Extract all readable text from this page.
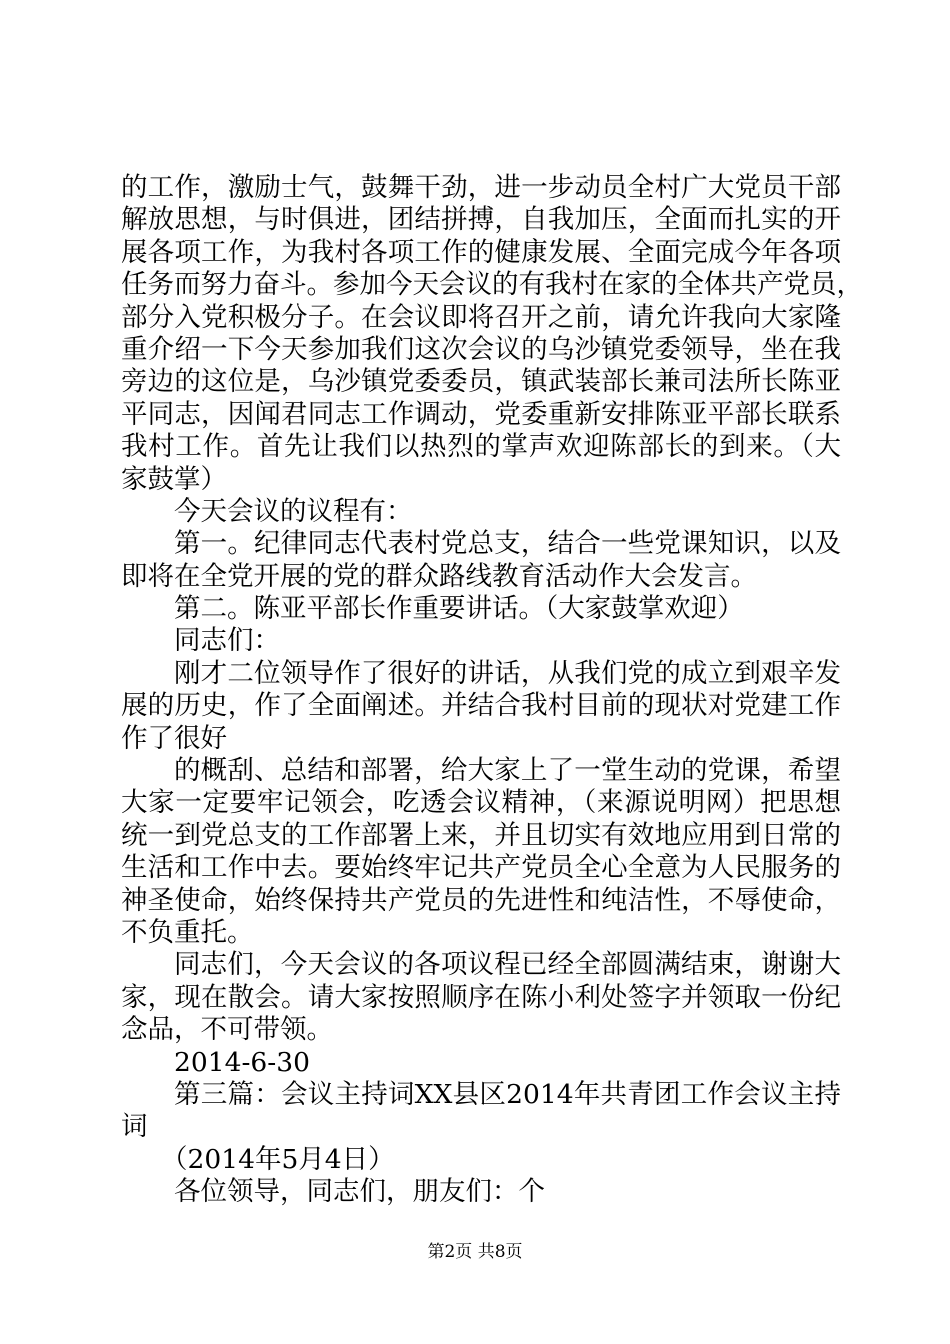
的工作，激励士气，鼓舞干劲，进一步动员全村广大党员干部
解放思想，与时俱进，团结拼搏，自我加压，全面而扎实的开
展各项工作，为我村各项工作的健康发展、全面完成今年各项
任务而努力奋斗。参加今天会议的有我村在家的全体共产党员，
部分入党积极分子。在会议即将召开之前，请允许我向大家隆
重介绍一下今天参加我们这次会议的乌沙镇党委领导，坐在我
旁边的这位是，乌沙镇党委委员，镇武装部长兼司法所长陈亚
平同志，因闻君同志工作调动，党委重新安排陈亚平部长联系
我村工作。首先让我们以热烈的掌声欢迎陈部长的到来。（大
家鼓掌）
今天会议的议程有：
第一。纪律同志代表村党总支，结合一些党课知识，以及
即将在全党开展的党的群众路线教育活动作大会发言。
第二。陈亚平部长作重要讲话。（大家鼓掌欢迎）
同志们：
刚才二位领导作了很好的讲话，从我们党的成立到艰辛发
展的历史，作了全面阐述。并结合我村目前的现状对党建工作
作了很好
的概刮、总结和部署，给大家上了一堂生动的党课，希望
大家一定要牢记领会，吃透会议精神，（来源说明网）把思想
统一到党总支的工作部署上来，并且切实有效地应用到日常的
生活和工作中去。要始终牢记共产党员全心全意为人民服务的
神圣使命，始终保持共产党员的先进性和纯洁性，不辱使命，
不负重托。
同志们，今天会议的各项议程已经全部圆满结束，谢谢大
家，现在散会。请大家按照顺序在陈小利处签字并领取一份纪
念品，不可带领。
2014-6-30
第三篇：会议主持词XX县区2014年共青团工作会议主持
词
（2014年5月4日）
各位领导，同志们，朋友们：个
第2页 共8页
